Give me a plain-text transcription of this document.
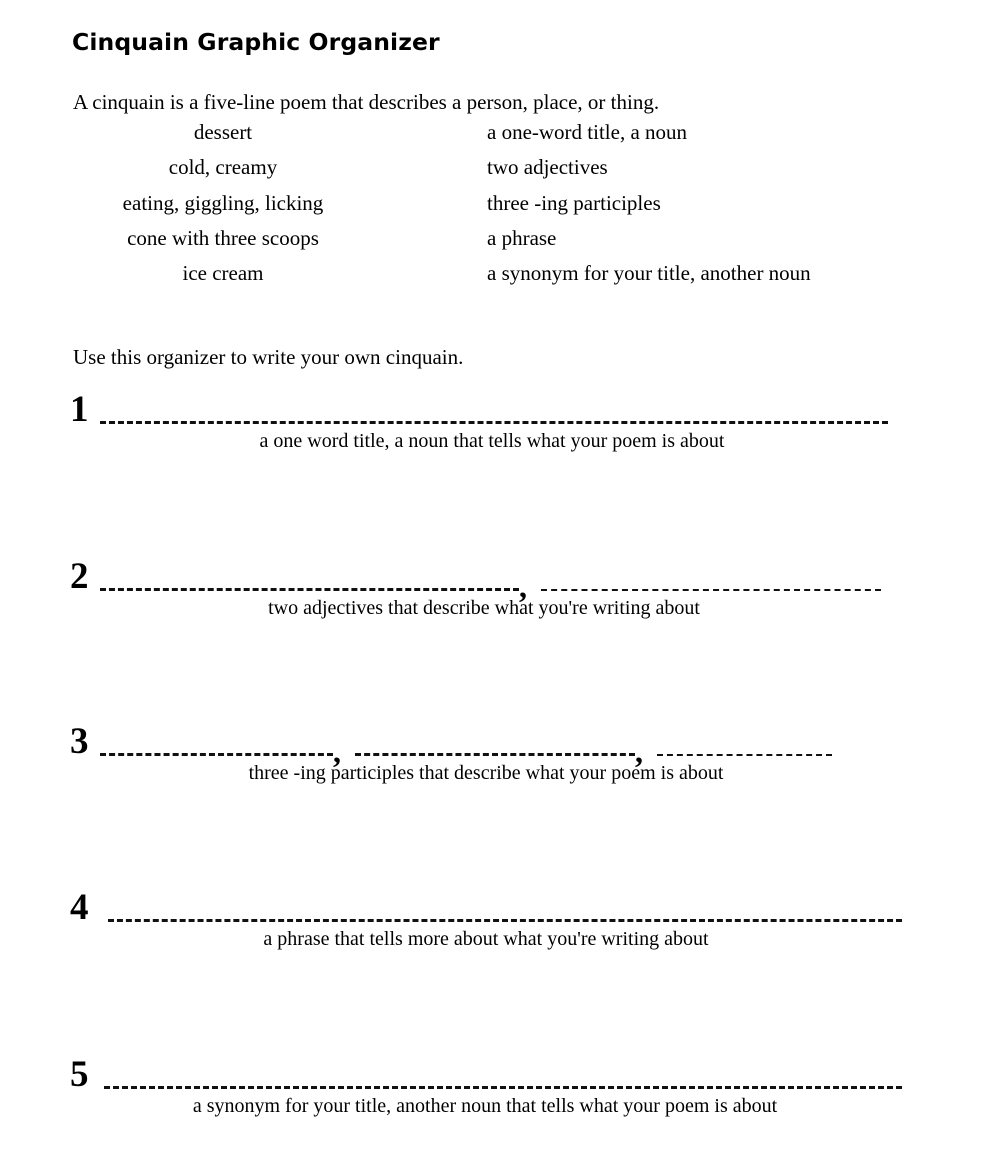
Cinquain Graphic Organizer

A cinquain is a five-line poem that describes a person, place, or thing.

dessert	a one-word title, a noun
cold, creamy	two adjectives
eating, giggling, licking	three -ing participles
cone with three scoops	a phrase
ice cream	a synonym for your title, another noun

Use this organizer to write your own cinquain.

1
a one word title, a noun that tells what your poem is about
2	,
two adjectives that describe what you're writing about
3	,	,
three -ing participles that describe what your poem is about
4
a phrase that tells more about what you're writing about
5
a synonym for your title, another noun that tells what your poem is about
